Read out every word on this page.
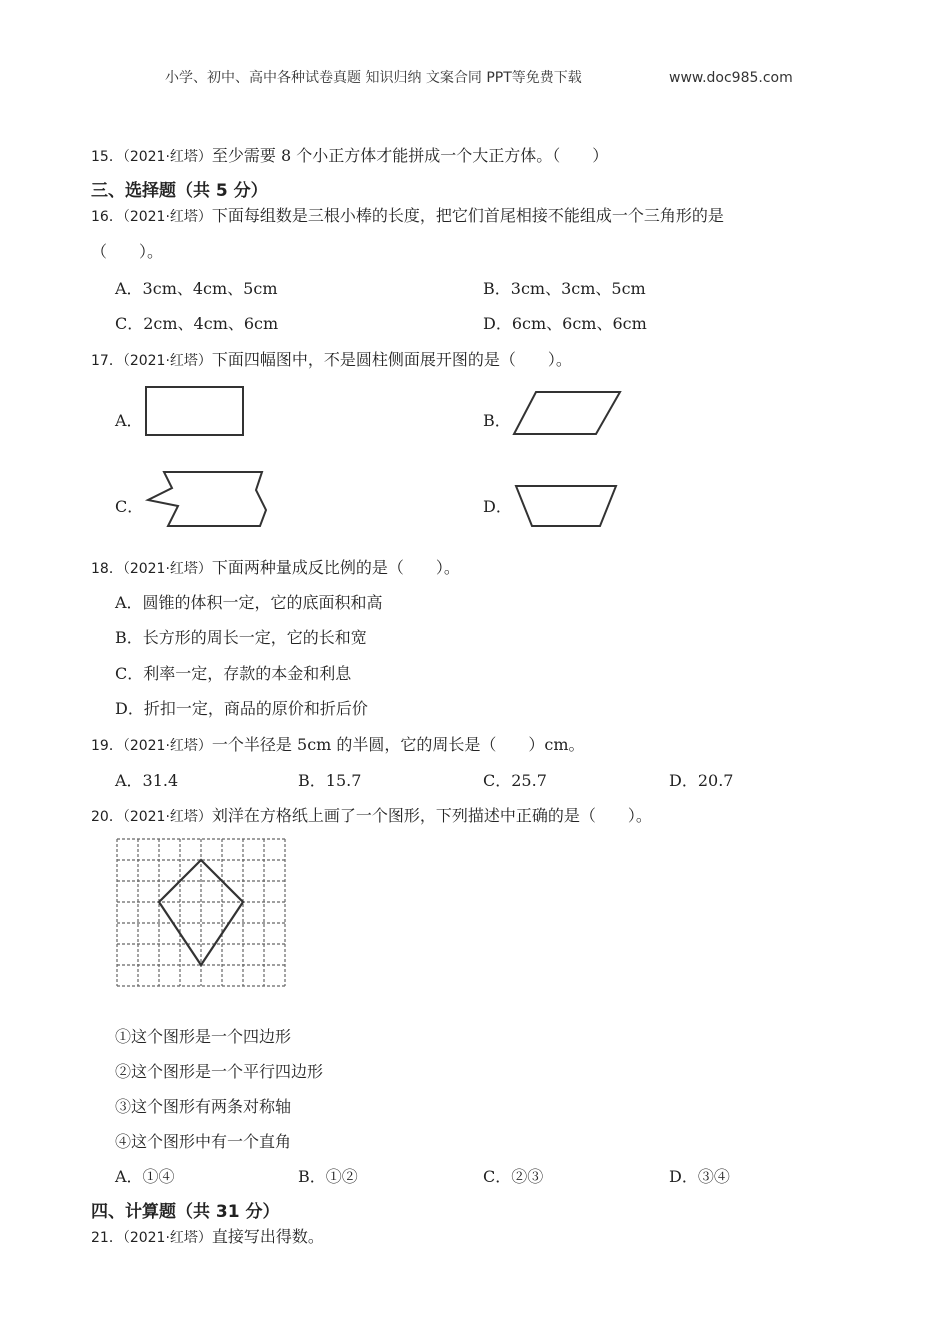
小学、初中、高中各种试卷真题 知识归纳 文案合同 PPT等免费下载	www.doc985.com
15．（2021·红塔）至少需要 8 个小正方体才能拼成一个大正方体。（　　）
三、选择题（共 5 分）
16．（2021·红塔）下面每组数是三根小棒的长度，把它们首尾相接不能组成一个三角形的是
（　　）。
A．3cm、4cm、5cm	B．3cm、3cm、5cm
C．2cm、4cm、6cm	D．6cm、6cm、6cm
17．（2021·红塔）下面四幅图中，不是圆柱侧面展开图的是（　　）。
A．	B．
C．	D．
18．（2021·红塔）下面两种量成反比例的是（　　）。
A．圆锥的体积一定，它的底面积和高
B．长方形的周长一定，它的长和宽
C．利率一定，存款的本金和利息
D．折扣一定，商品的原价和折后价
19．（2021·红塔）一个半径是 5cm 的半圆，它的周长是（　　）cm。
A．31.4	B．15.7	C．25.7	D．20.7
20．（2021·红塔）刘洋在方格纸上画了一个图形，下列描述中正确的是（　　）。
①这个图形是一个四边形
②这个图形是一个平行四边形
③这个图形有两条对称轴
④这个图形中有一个直角
A．①④	B．①②	C．②③	D．③④
四、计算题（共 31 分）
21．（2021·红塔）直接写出得数。
